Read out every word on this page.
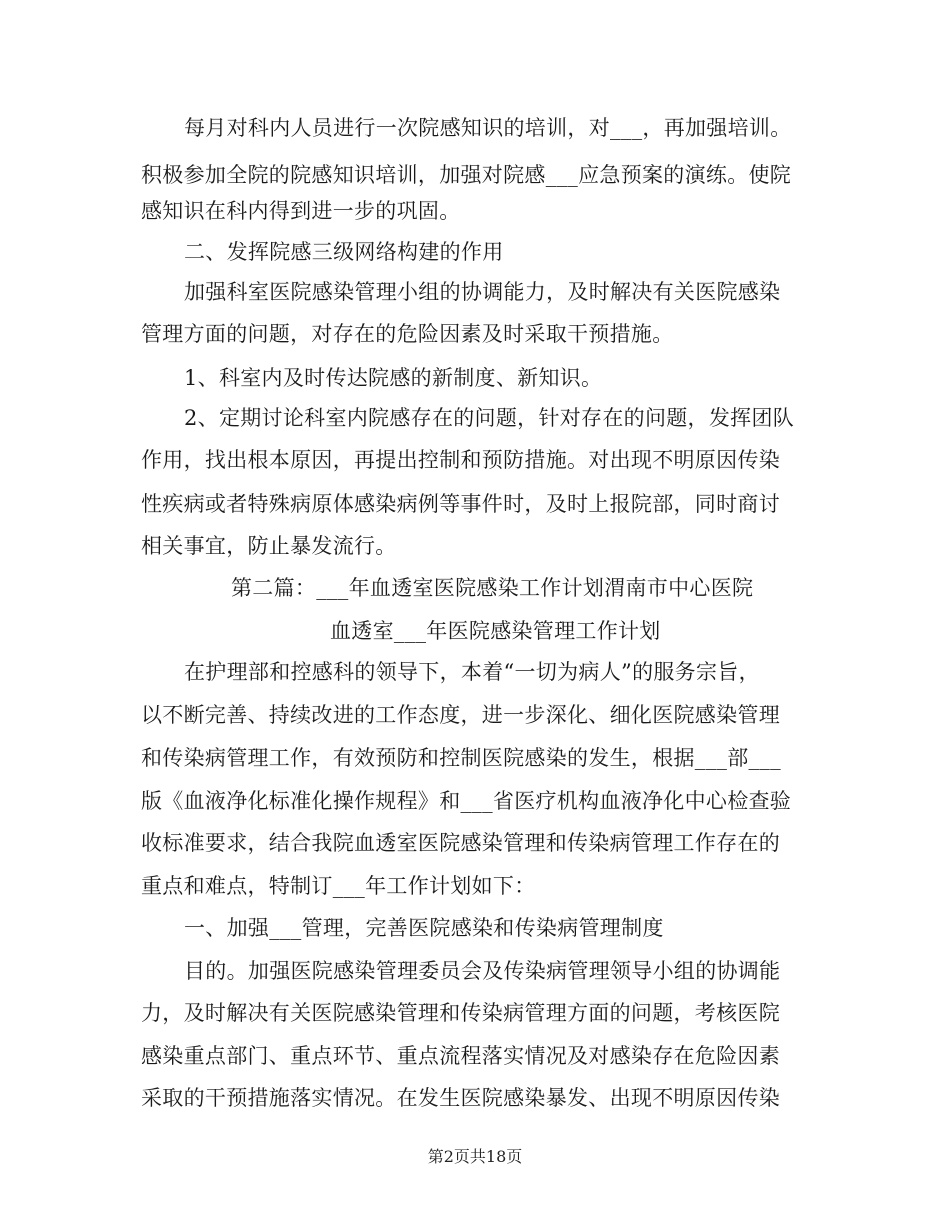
每月对科内人员进行一次院感知识的培训，对___，再加强培训。
积极参加全院的院感知识培训，加强对院感___应急预案的演练。使院
感知识在科内得到进一步的巩固。
二、发挥院感三级网络构建的作用
加强科室医院感染管理小组的协调能力，及时解决有关医院感染
管理方面的问题，对存在的危险因素及时采取干预措施。
1、科室内及时传达院感的新制度、新知识。
2、定期讨论科室内院感存在的问题，针对存在的问题，发挥团队
作用，找出根本原因，再提出控制和预防措施。对出现不明原因传染
性疾病或者特殊病原体感染病例等事件时，及时上报院部，同时商讨
相关事宜，防止暴发流行。
第二篇：___年血透室医院感染工作计划渭南市中心医院
血透室___年医院感染管理工作计划
在护理部和控感科的领导下，本着“一切为病人”的服务宗旨，
以不断完善、持续改进的工作态度，进一步深化、细化医院感染管理
和传染病管理工作，有效预防和控制医院感染的发生，根据___部___
版《血液净化标准化操作规程》和___省医疗机构血液净化中心检查验
收标准要求，结合我院血透室医院感染管理和传染病管理工作存在的
重点和难点，特制订___年工作计划如下：
一、加强___管理，完善医院感染和传染病管理制度
目的。加强医院感染管理委员会及传染病管理领导小组的协调能
力，及时解决有关医院感染管理和传染病管理方面的问题，考核医院
感染重点部门、重点环节、重点流程落实情况及对感染存在危险因素
采取的干预措施落实情况。在发生医院感染暴发、出现不明原因传染
第2页共18页
